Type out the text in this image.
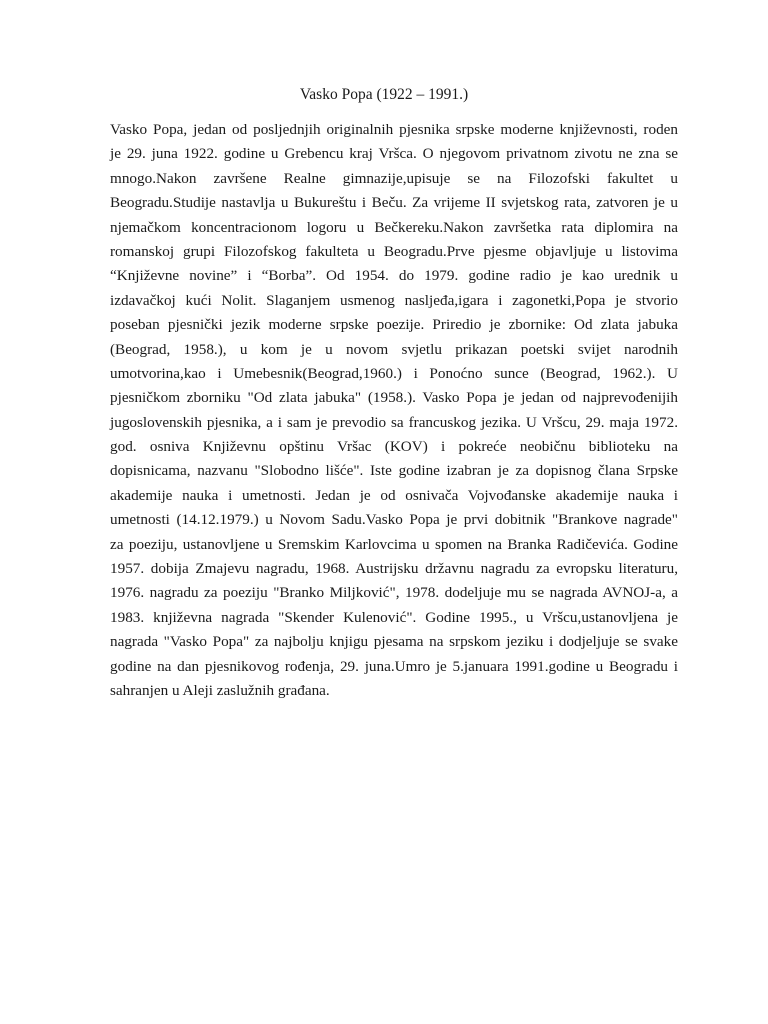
Vasko Popa (1922 – 1991.)
Vasko Popa, jedan od posljednjih originalnih pjesnika srpske moderne književnosti, roden
je 29. juna 1922. godine u Grebencu kraj Vršca. O njegovom privatnom zivotu ne zna se
mnogo.Nakon završene Realne gimnazije,upisuje se na Filozofski fakultet u
Beogradu.Studije nastavlja u Bukureštu i Beču. Za vrijeme II svjetskog rata, zatvoren je u
njemačkom koncentracionom logoru u Bečkereku.Nakon završetka rata diplomira na
romanskoj grupi Filozofskog fakulteta u Beogradu.Prve pjesme objavljuje u listovima
“Književne novine” i “Borba”. Od 1954. do 1979. godine radio je kao urednik u
izdavačkoj kući Nolit. Slaganjem usmenog nasljeđa,igara i zagonetki,Popa je stvorio
poseban pjesnički jezik moderne srpske poezije. Priredio je zbornike: Od zlata jabuka
(Beograd, 1958.), u kom je u novom svjetlu prikazan poetski svijet narodnih
umotvorina,kao i Umebesnik(Beograd,1960.) i Ponoćno sunce (Beograd, 1962.). U
pjesničkom zborniku "Od zlata jabuka" (1958.). Vasko Popa je jedan od najprevođenijih
jugoslovenskih pjesnika, a i sam je prevodio sa francuskog jezika. U Vršcu, 29. maja 1972.
god. osniva Književnu opštinu Vršac (KOV) i pokreće neobičnu biblioteku na
dopisnicama, nazvanu "Slobodno lišće". Iste godine izabran je za dopisnog člana Srpske
akademije nauka i umetnosti. Jedan je od osnivača Vojvođanske akademije nauka i
umetnosti (14.12.1979.) u Novom Sadu.Vasko Popa je prvi dobitnik "Brankove nagrade"
za poeziju, ustanovljene u Sremskim Karlovcima u spomen na Branka Radičevića. Godine
1957. dobija Zmajevu nagradu, 1968. Austrijsku državnu nagradu za evropsku literaturu,
1976. nagradu za poeziju "Branko Miljković", 1978. dodeljuje mu se nagrada AVNOJ-a, a
1983. književna nagrada "Skender Kulenović". Godine 1995., u Vršcu,ustanovljena je
nagrada "Vasko Popa" za najbolju knjigu pjesama na srpskom jeziku i dodjeljuje se svake
godine na dan pjesnikovog rođenja, 29. juna.Umro je 5.januara 1991.godine u Beogradu i
sahranjen u Aleji zaslužnih građana.
